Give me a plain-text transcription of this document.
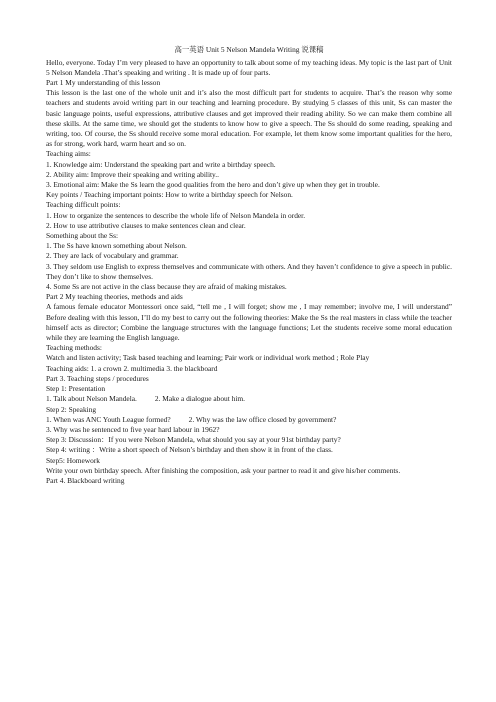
高一英语 Unit 5 Nelson Mandela Writing 说课稿

Hello, everyone. Today I’m very pleased to have an opportunity to talk about some of my teaching ideas. My topic is the last part of Unit 5 Nelson Mandela .That’s speaking and writing . It is made up of four parts.

Part 1 My understanding of this lesson

This lesson is the last one of the whole unit and it’s also the most difficult part for students to acquire. That’s the reason why some teachers and students avoid writing part in our teaching and learning procedure. By studying 5 classes of this unit, Ss can master the basic language points, useful expressions, attributive clauses and get improved their reading ability. So we can make them combine all these skills. At the same time, we should get the students to know how to give a speech. The Ss should do some reading, speaking and writing, too. Of course, the Ss should receive some moral education. For example, let them know some important qualities for the hero, as for strong, work hard, warm heart and so on.

Teaching aims:

1. Knowledge aim: Understand the speaking part and write a birthday speech.

2. Ability aim: Improve their speaking and writing ability..

3. Emotional aim: Make the Ss learn the good qualities from the hero and don’t give up when they get in trouble.

Key points / Teaching important points: How to write a birthday speech for Nelson.

Teaching difficult points:

1. How to organize the sentences to describe the whole life of Nelson Mandela in order.

2. How to use attributive clauses to make sentences clean and clear.

Something about the Ss:

1. The Ss have known something about Nelson.

2. They are lack of vocabulary and grammar.

3. They seldom use English to express themselves and communicate with others. And they haven’t confidence to give a speech in public. They don’t like to show themselves.

4. Some Ss are not active in the class because they are afraid of making mistakes.

Part 2 My teaching theories, methods and aids

A famous female educator Montessori once said, “tell me , I will forget; show me , I may remember; involve me, I will understand” Before dealing with this lesson, I’ll do my best to carry out the following theories: Make the Ss the real masters in class while the teacher himself acts as director; Combine the language structures with the language functions; Let the students receive some moral education while they are learning the English language.

Teaching methods:

Watch and listen activity; Task based teaching and learning; Pair work or individual work method ; Role Play

Teaching aids: 1. a crown 2. multimedia 3. the blackboard

Part 3. Teaching steps / procedures

Step 1: Presentation

1. Talk about Nelson Mandela. 2. Make a dialogue about him.

Step 2: Speaking

1. When was ANC Youth League formed? 2. Why was the law office closed by government?

3. Why was he sentenced to five year hard labour in 1962?

Step 3: Discussion：If you were Nelson Mandela, what should you say at your 91st birthday party?

Step 4: writing ：Write a short speech of Nelson’s birthday and then show it in front of the class.

Step5: Homework

Write your own birthday speech. After finishing the composition, ask your partner to read it and give his/her comments.

Part 4. Blackboard writing
